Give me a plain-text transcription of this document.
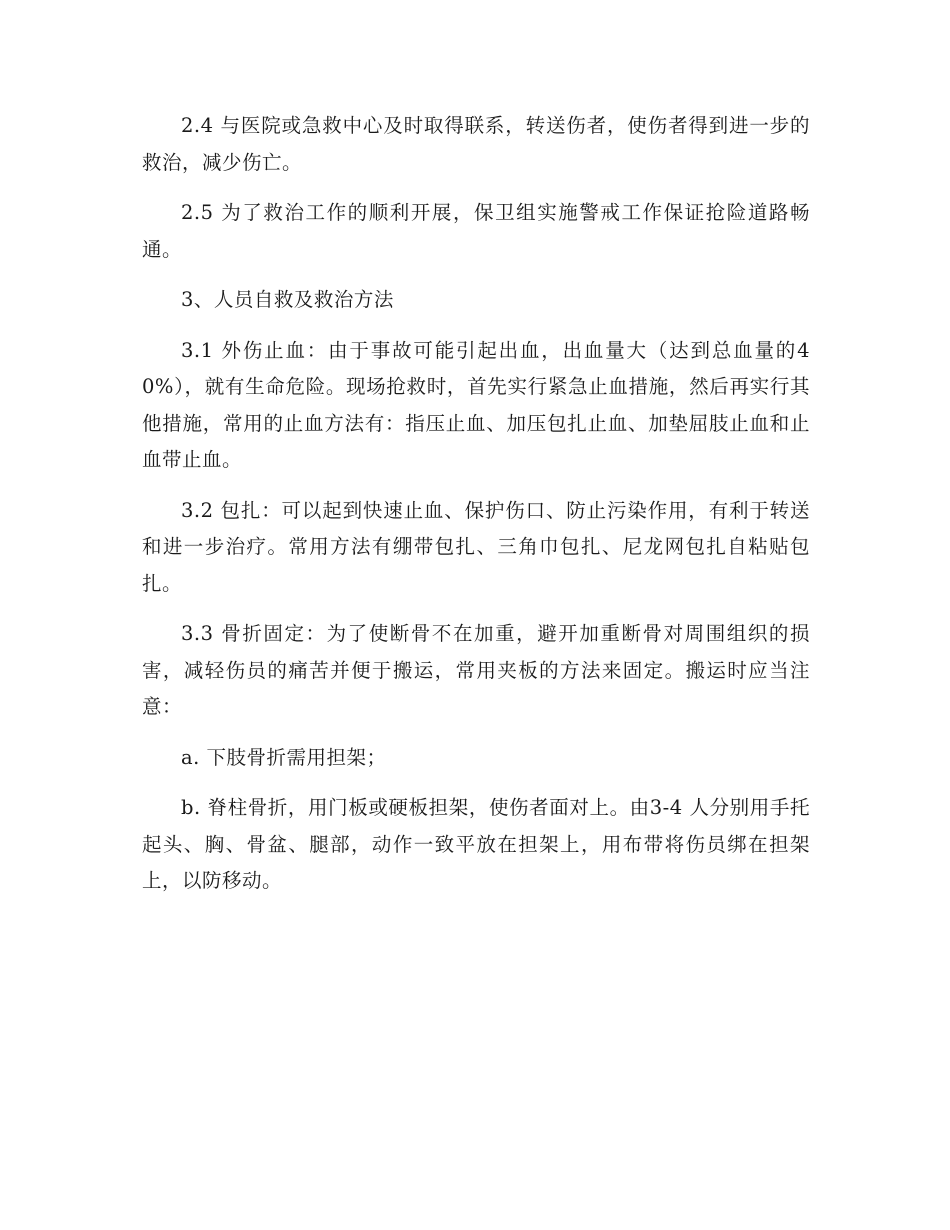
2.4 与医院或急救中心及时取得联系，转送伤者，使伤者得到进一步的救治，减少伤亡。

2.5 为了救治工作的顺利开展，保卫组实施警戒工作保证抢险道路畅通。

3、人员自救及救治方法

3.1 外伤止血：由于事故可能引起出血，出血量大（达到总血量的40%），就有生命危险。现场抢救时，首先实行紧急止血措施，然后再实行其他措施，常用的止血方法有：指压止血、加压包扎止血、加垫屈肢止血和止血带止血。

3.2 包扎：可以起到快速止血、保护伤口、防止污染作用，有利于转送和进一步治疗。常用方法有绷带包扎、三角巾包扎、尼龙网包扎自粘贴包扎。

3.3 骨折固定：为了使断骨不在加重，避开加重断骨对周围组织的损害，减轻伤员的痛苦并便于搬运，常用夹板的方法来固定。搬运时应当注意：

a. 下肢骨折需用担架；

b. 脊柱骨折，用门板或硬板担架，使伤者面对上。由3-4 人分别用手托起头、胸、骨盆、腿部，动作一致平放在担架上，用布带将伤员绑在担架上，以防移动。
